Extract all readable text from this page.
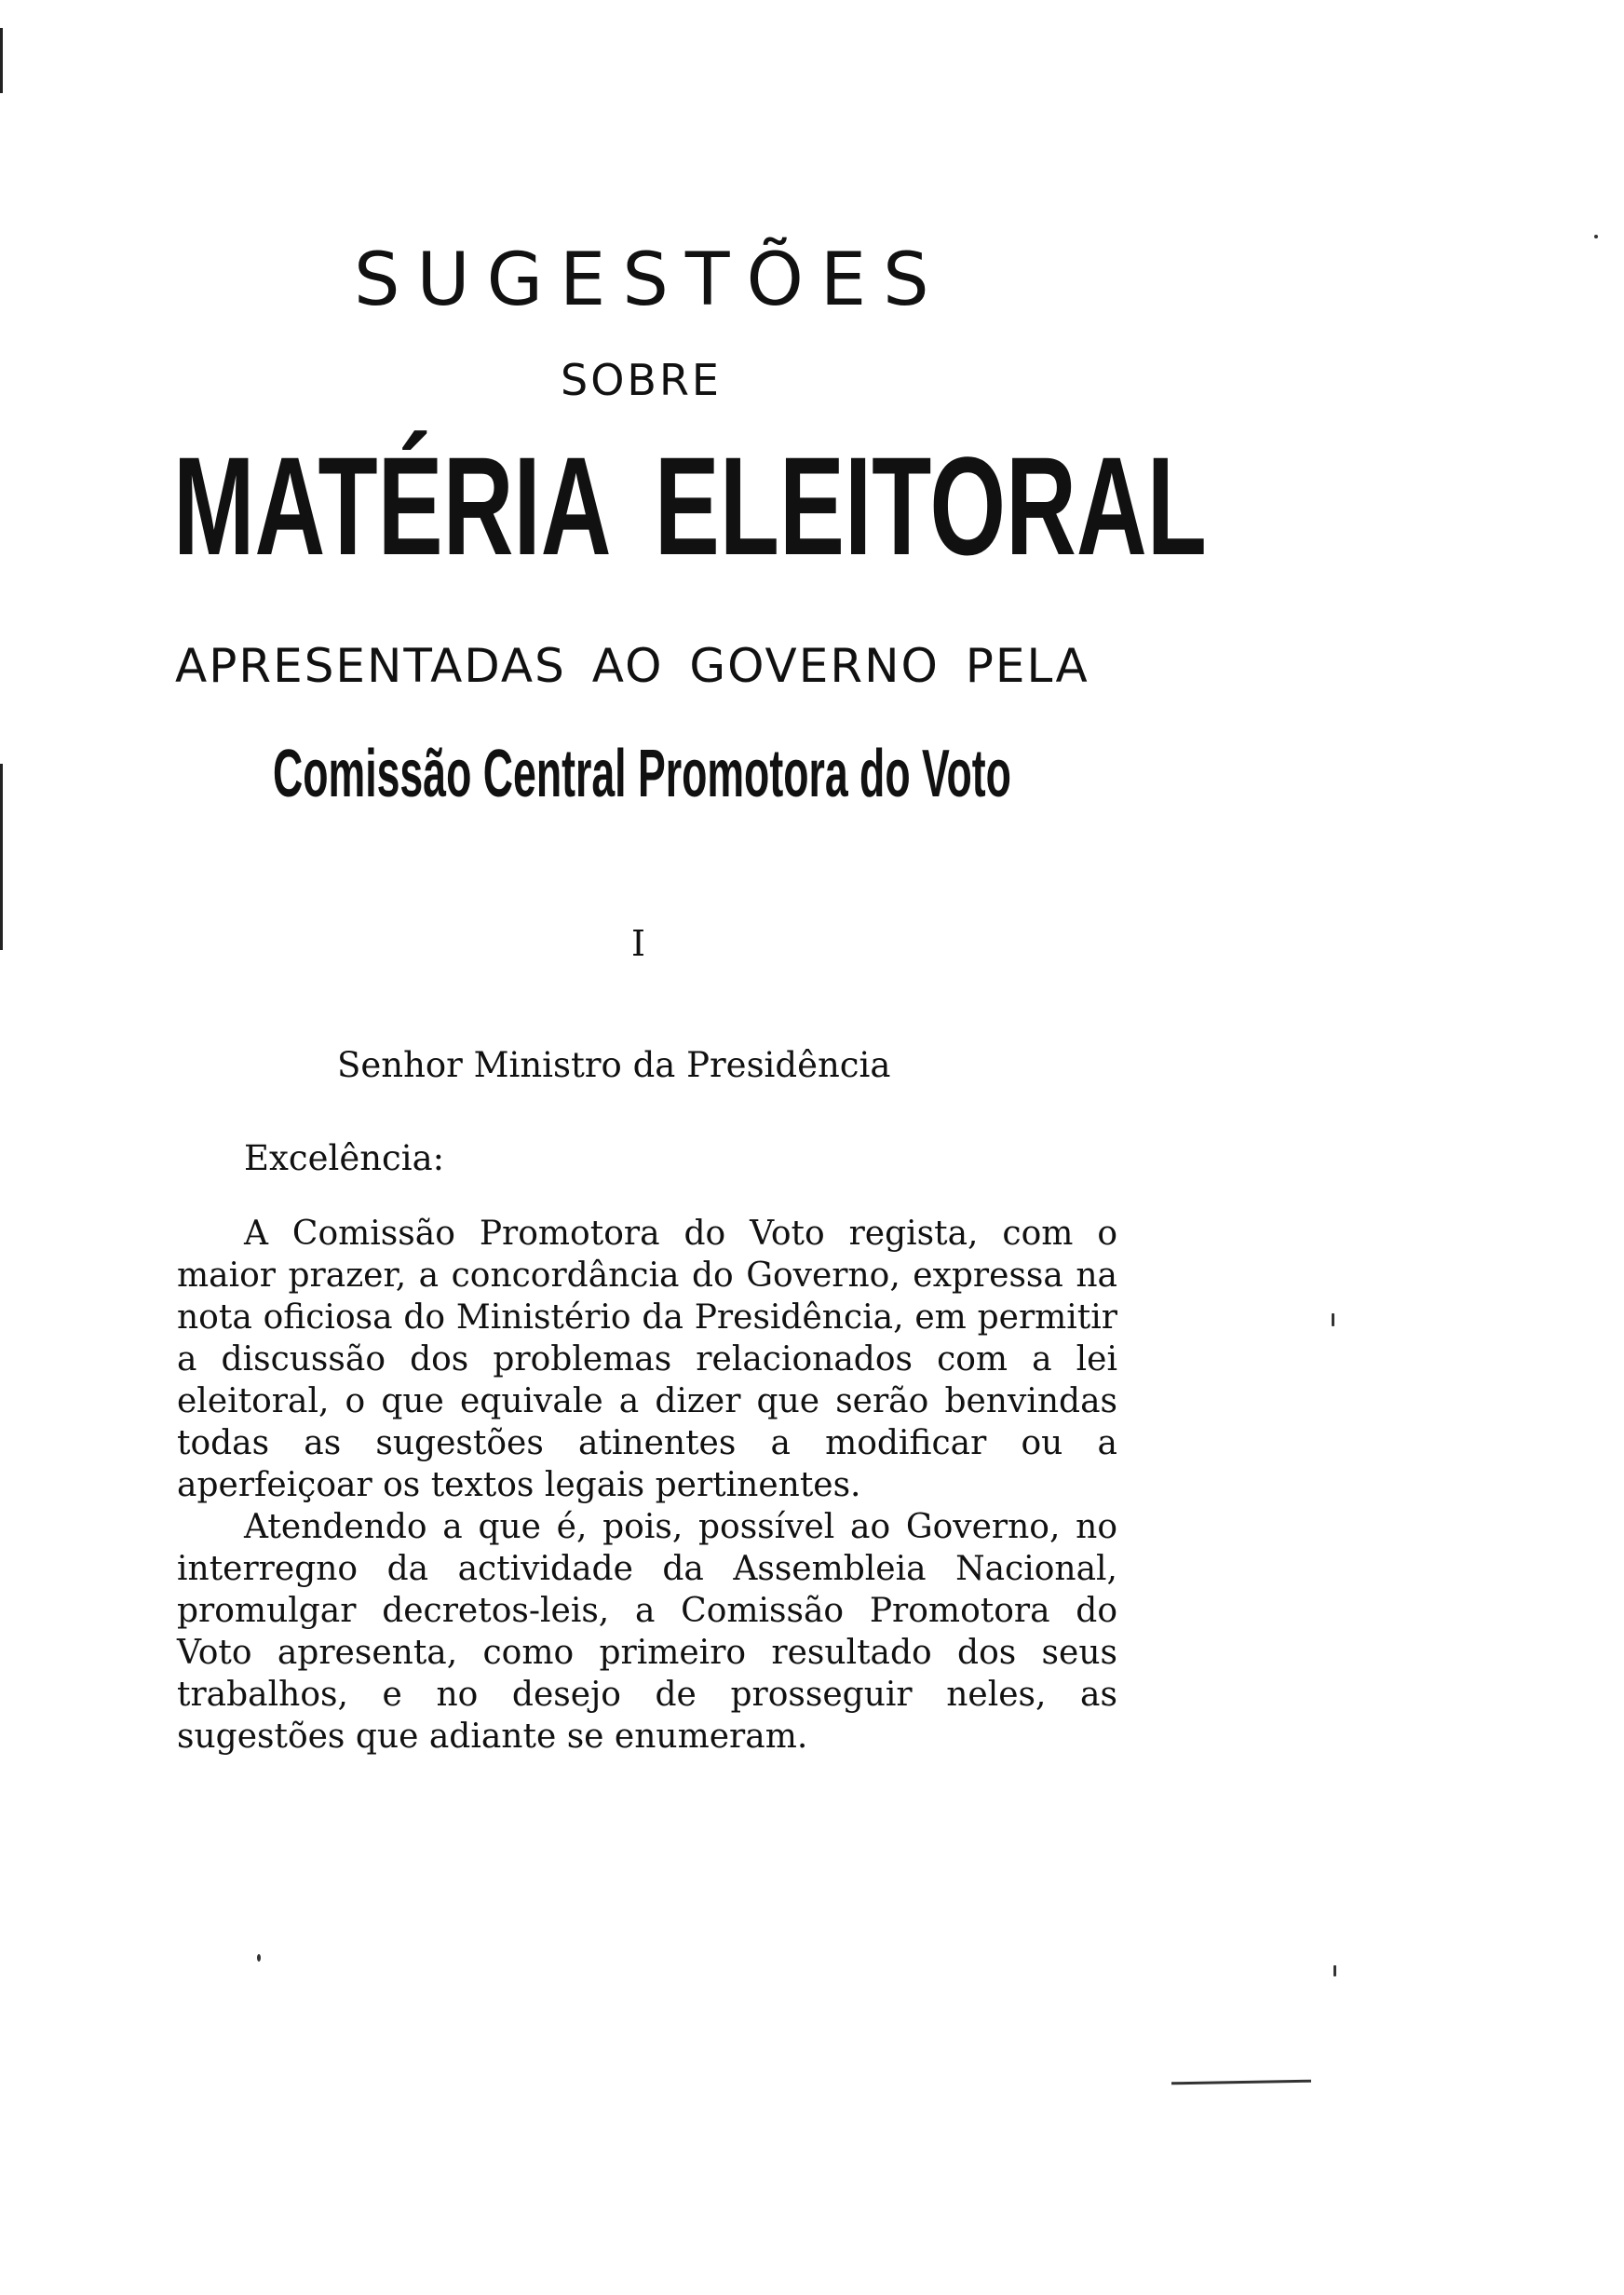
SUGESTÕES
SOBRE
MATÉRIA ELEITORAL
APRESENTADAS AO GOVERNO PELA
Comissão Central Promotora do Voto
I
Senhor Ministro da Presidência
Excelência:

A Comissão Promotora do Voto regista, com o maior prazer, a concordância do Governo, expressa na nota oficiosa do Ministério da Presidência, em permitir a discussão dos problemas relacionados com a lei eleitoral, o que equivale a dizer que serão benvindas todas as sugestões atinentes a modificar ou a aperfeiçoar os textos legais pertinentes.

Atendendo a que é, pois, possível ao Governo, no interregno da actividade da Assembleia Nacional, promulgar decretos-leis, a Comissão Promotora do Voto apresenta, como primeiro resultado dos seus trabalhos, e no desejo de prosseguir neles, as sugestões que adiante se enumeram.
